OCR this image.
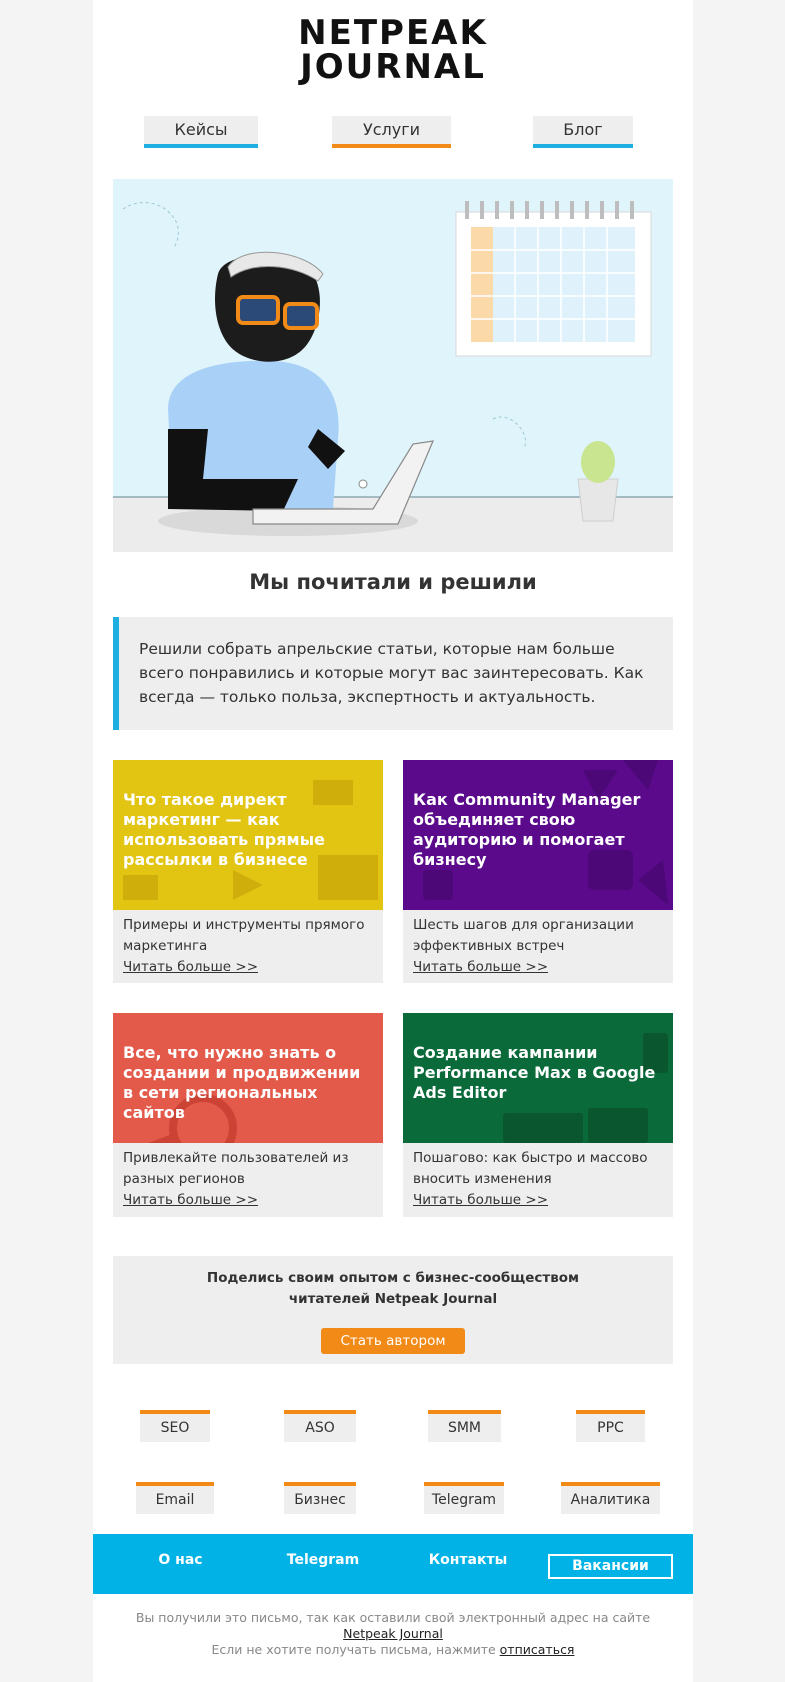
NETPEAK
JOURNAL
Кейсы	Услуги	Блог
Мы почитали и решили

Решили собрать апрельские статьи, которые нам больше всего понравились и которые могут вас заинтересовать. Как всегда — только польза, экспертность и актуальность.

Что такое директ маркетинг — как использовать прямые рассылки в бизнесе
Примеры и инструменты прямого маркетинга
Читать больше >>
Как Community Manager объединяет свою аудиторию и помогает бизнесу
Шесть шагов для организации эффективных встреч
Читать больше >>
Все, что нужно знать о создании и продвижении в сети региональных сайтов
Привлекайте пользователей из разных регионов
Читать больше >>
Создание кампании Performance Max в Google Ads Editor
Пошагово: как быстро и массово вносить изменения
Читать больше >>
Поделись своим опытом с бизнес-сообществом
читателей Netpeak Journal
Стать автором
SEO	ASO	SMM	PPC
Email	Бизнес	Telegram	Аналитика
О нас	Telegram	Контакты	Вакансии
Вы получили это письмо, так как оставили свой электронный адрес на сайте
Netpeak Journal
Если не хотите получать письма, нажмите отписаться
